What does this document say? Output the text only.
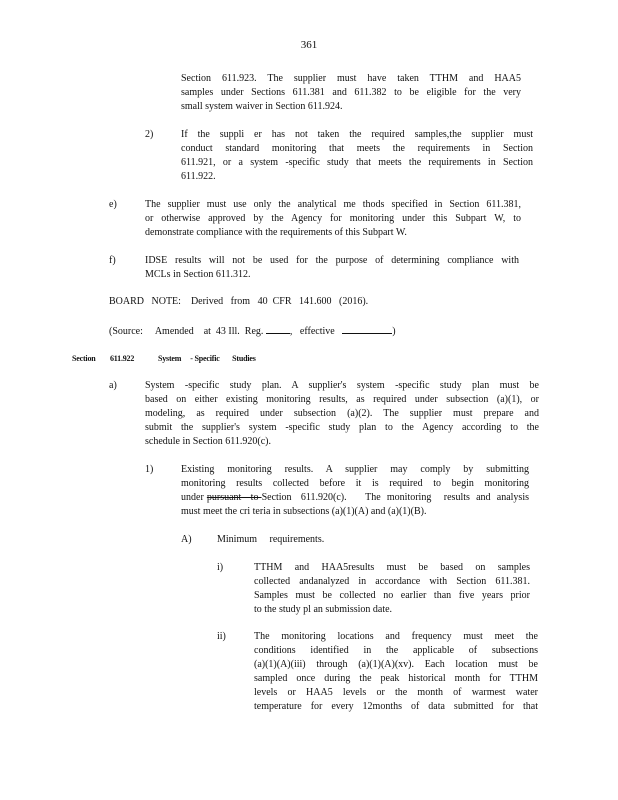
361
Section 611.923. The supplier must have taken TTHM and HAA5
samples under Sections 611.381 and 611.382 to be eligible for the very
small system waiver in Section 611.924.
2)	If the suppli er has not taken the required samples,the supplier must
conduct standard monitoring that meets the requirements in Section
611.921, or a system -specific study that meets the requirements in Section
611.922.
e)	The supplier must use only the analytical me thods specified in Section 611.381,
or otherwise approved by the Agency for monitoring under this Subpart W, to
demonstrate compliance with the requirements of this Subpart W.
f)	IDSE results will not be used for the purpose of determining compliance with
MCLs in Section 611.312.
BOARD   NOTE:    Derived   from   40  CFR   141.600   (2016).
(Source:     Amended    at  43 Ill.  Reg.	,   effective	)
Section 611.922	System     - Specific       Studies
a)	System -specific study plan. A supplier's system -specific study plan must be
based on either existing monitoring results, as required under subsection (a)(1), or
modeling, as required under subsection (a)(2). The supplier must prepare and
submit the supplier's system -specific study plan to the Agency according to the
schedule in Section 611.920(c).
1)	Existing monitoring results. A supplier may comply by submitting
monitoring results collected before it is required to begin monitoring
under pursuant   to Section   611.920(c).      The  monitoring    results  and  analysis
must meet the cri teria in subsections (a)(1)(A) and (a)(1)(B).
A)	Minimum     requirements.
i)	TTHM and HAA5results must be based on samples
collected andanalyzed in accordance with Section 611.381.
Samples must be collected no earlier than five years prior
to the study pl an submission date.
ii)	The monitoring locations and frequency must meet the
conditions identified in the applicable of subsections
(a)(1)(A)(iii) through (a)(1)(A)(xv). Each location must be
sampled once during the peak historical month for TTHM
levels or HAA5 levels or the month of warmest water
temperature for every 12months of data submitted for that
